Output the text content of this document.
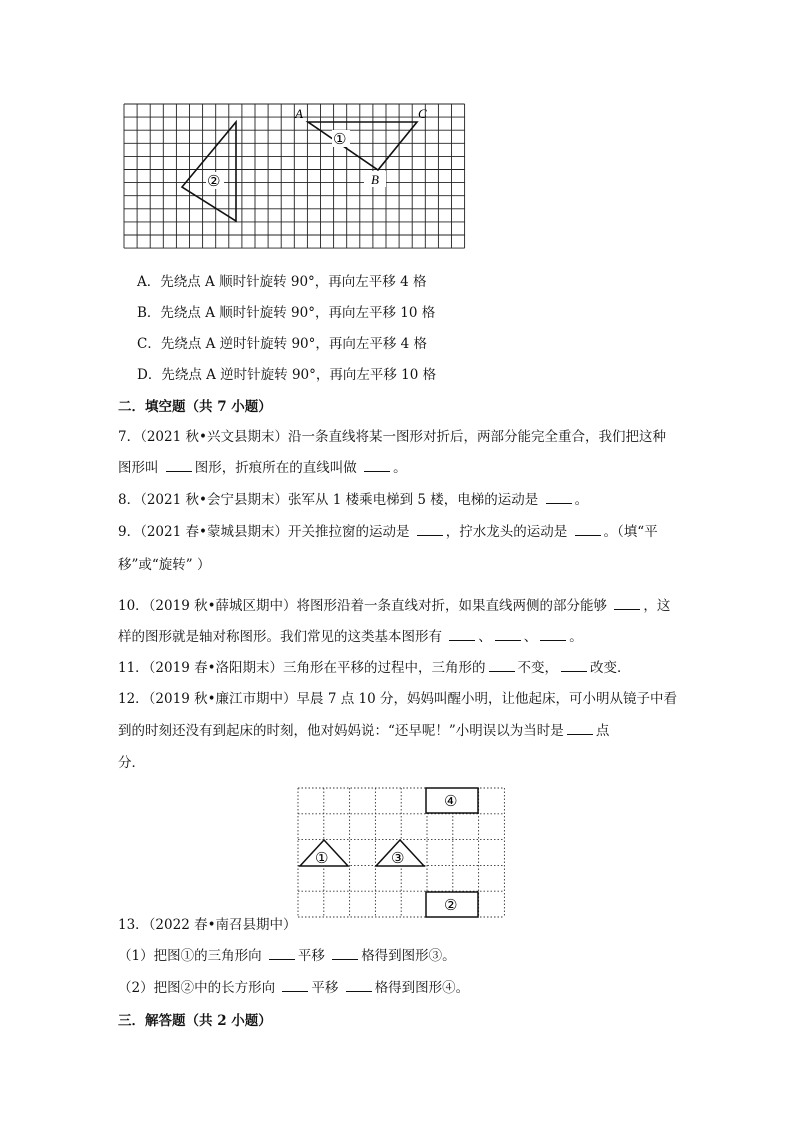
A	C
B
①
②
A．先绕点 A 顺时针旋转 90°，再向左平移 4 格
B．先绕点 A 顺时针旋转 90°，再向左平移 10 格
C．先绕点 A 逆时针旋转 90°，再向左平移 4 格
D．先绕点 A 逆时针旋转 90°，再向左平移 10 格
二．填空题（共 7 小题）
7．（2021 秋•兴文县期末）沿一条直线将某一图形对折后，两部分能完全重合，我们把这种
图形叫 图形，折痕所在的直线叫做 。
8．（2021 秋•会宁县期末）张军从 1 楼乘电梯到 5 楼，电梯的运动是 。
9．（2021 春•蒙城县期末）开关推拉窗的运动是 ，拧水龙头的运动是 。（填“平
移”或“旋转” ）
10．（2019 秋•薛城区期中）将图形沿着一条直线对折，如果直线两侧的部分能够 ，这
样的图形就是轴对称图形。我们常见的这类基本图形有 、 、 。
11．（2019 春•洛阳期末）三角形在平移的过程中，三角形的 不变， 改变．
12．（2019 秋•廉江市期中）早晨 7 点 10 分，妈妈叫醒小明，让他起床，可小明从镜子中看
到的时刻还没有到起床的时刻，他对妈妈说：“还早呢！”小明误以为当时是 点
分．
④
①	③
②
13．（2022 春•南召县期中）
（1）把图①的三角形向 平移 格得到图形③。
（2）把图②中的长方形向 平移 格得到图形④。
三．解答题（共 2 小题）
